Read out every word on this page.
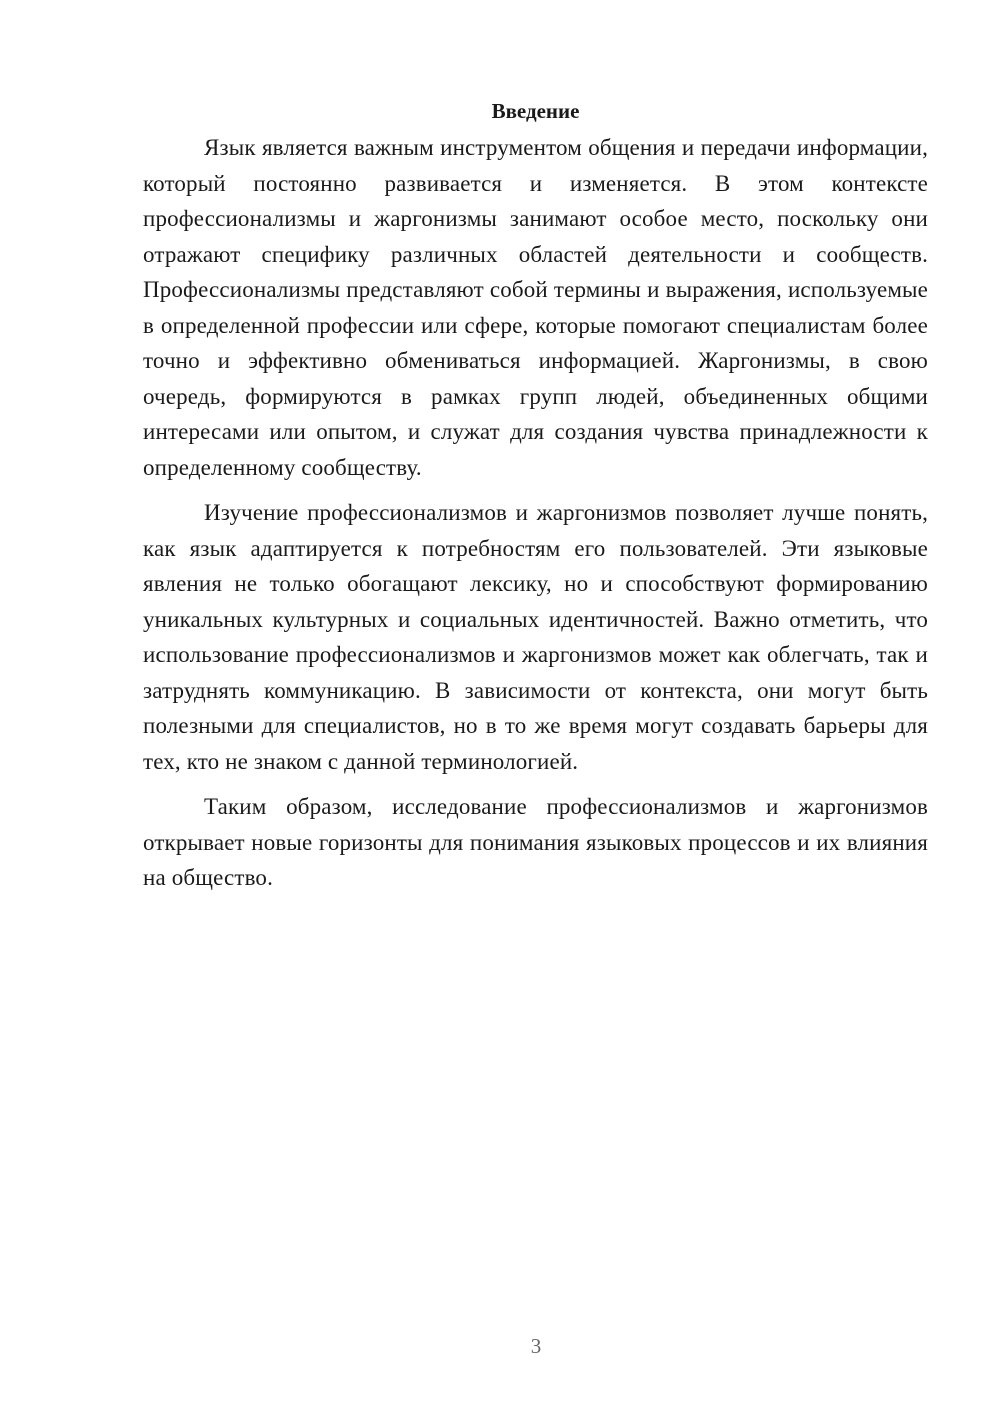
Введение

Язык является важным инструментом общения и передачи информации, который постоянно развивается и изменяется. В этом контексте профессионализмы и жаргонизмы занимают особое место, поскольку они отражают специфику различных областей деятельности и сообществ. Профессионализмы представляют собой термины и выражения, используемые в определенной профессии или сфере, которые помогают специалистам более точно и эффективно обмениваться информацией. Жаргонизмы, в свою очередь, формируются в рамках групп людей, объединенных общими интересами или опытом, и служат для создания чувства принадлежности к определенному сообществу.

Изучение профессионализмов и жаргонизмов позволяет лучше понять, как язык адаптируется к потребностям его пользователей. Эти языковые явления не только обогащают лексику, но и способствуют формированию уникальных культурных и социальных идентичностей. Важно отметить, что использование профессионализмов и жаргонизмов может как облегчать, так и затруднять коммуникацию. В зависимости от контекста, они могут быть полезными для специалистов, но в то же время могут создавать барьеры для тех, кто не знаком с данной терминологией.

Таким образом, исследование профессионализмов и жаргонизмов открывает новые горизонты для понимания языковых процессов и их влияния на общество.

3
